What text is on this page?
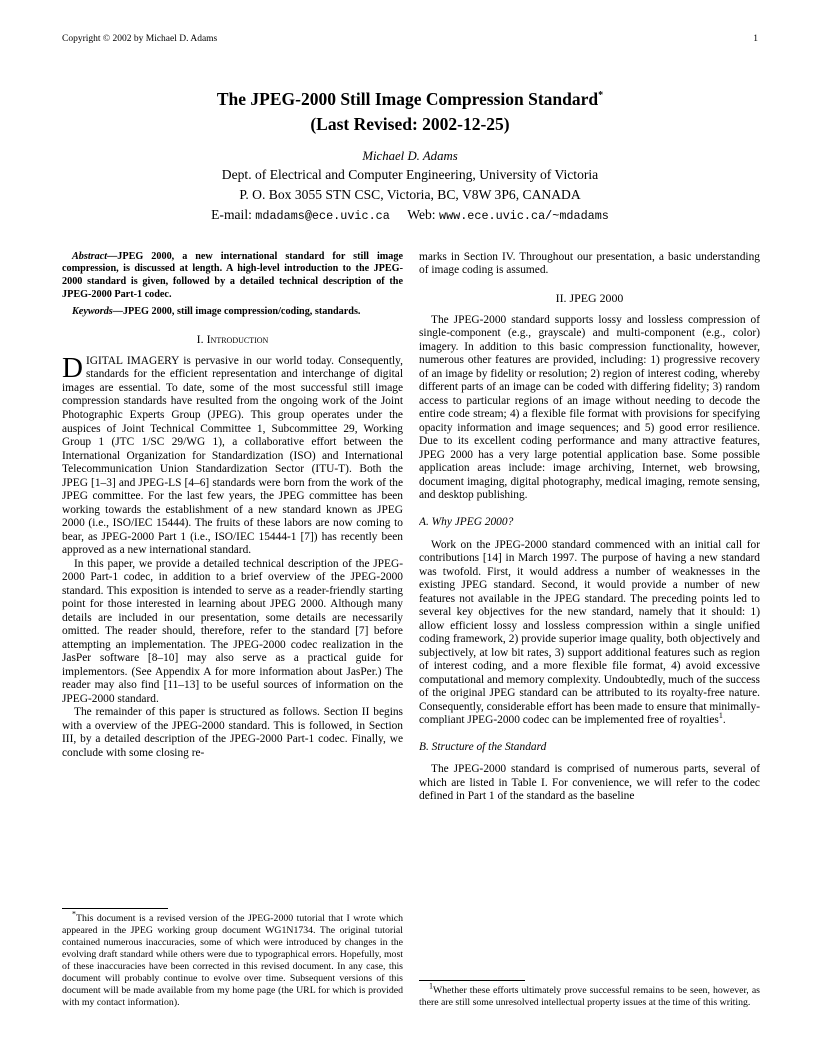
Copyright © 2002 by Michael D. Adams	1
The JPEG-2000 Still Image Compression Standard*
(Last Revised: 2002-12-25)
Michael D. Adams
Dept. of Electrical and Computer Engineering, University of Victoria
P. O. Box 3055 STN CSC, Victoria, BC, V8W 3P6, CANADA
E-mail: mdadams@ece.uvic.ca Web: www.ece.uvic.ca/~mdadams

Abstract—JPEG 2000, a new international standard for still image compression, is discussed at length. A high-level introduction to the JPEG-2000 standard is given, followed by a detailed technical description of the JPEG-2000 Part-1 codec.

Keywords—JPEG 2000, still image compression/coding, standards.

I. Introduction

DIGITAL IMAGERY is pervasive in our world today. Consequently, standards for the efficient representation and interchange of digital images are essential. To date, some of the most successful still image compression standards have resulted from the ongoing work of the Joint Photographic Experts Group (JPEG). This group operates under the auspices of Joint Technical Committee 1, Subcommittee 29, Working Group 1 (JTC 1/SC 29/WG 1), a collaborative effort between the International Organization for Standardization (ISO) and International Telecommunication Union Standardization Sector (ITU-T). Both the JPEG [1–3] and JPEG-LS [4–6] standards were born from the work of the JPEG committee. For the last few years, the JPEG committee has been working towards the establishment of a new standard known as JPEG 2000 (i.e., ISO/IEC 15444). The fruits of these labors are now coming to bear, as JPEG-2000 Part 1 (i.e., ISO/IEC 15444-1 [7]) has recently been approved as a new international standard.

In this paper, we provide a detailed technical description of the JPEG-2000 Part-1 codec, in addition to a brief overview of the JPEG-2000 standard. This exposition is intended to serve as a reader-friendly starting point for those interested in learning about JPEG 2000. Although many details are included in our presentation, some details are necessarily omitted. The reader should, therefore, refer to the standard [7] before attempting an implementation. The JPEG-2000 codec realization in the JasPer software [8–10] may also serve as a practical guide for implementors. (See Appendix A for more information about JasPer.) The reader may also find [11–13] to be useful sources of information on the JPEG-2000 standard.

The remainder of this paper is structured as follows. Section II begins with a overview of the JPEG-2000 standard. This is followed, in Section III, by a detailed description of the JPEG-2000 Part-1 codec. Finally, we conclude with some closing re-

*This document is a revised version of the JPEG-2000 tutorial that I wrote which appeared in the JPEG working group document WG1N1734. The original tutorial contained numerous inaccuracies, some of which were introduced by changes in the evolving draft standard while others were due to typographical errors. Hopefully, most of these inaccuracies have been corrected in this revised document. In any case, this document will probably continue to evolve over time. Subsequent versions of this document will be made available from my home page (the URL for which is provided with my contact information).

marks in Section IV. Throughout our presentation, a basic understanding of image coding is assumed.

II. JPEG 2000

The JPEG-2000 standard supports lossy and lossless compression of single-component (e.g., grayscale) and multi-component (e.g., color) imagery. In addition to this basic compression functionality, however, numerous other features are provided, including: 1) progressive recovery of an image by fidelity or resolution; 2) region of interest coding, whereby different parts of an image can be coded with differing fidelity; 3) random access to particular regions of an image without needing to decode the entire code stream; 4) a flexible file format with provisions for specifying opacity information and image sequences; and 5) good error resilience. Due to its excellent coding performance and many attractive features, JPEG 2000 has a very large potential application base. Some possible application areas include: image archiving, Internet, web browsing, document imaging, digital photography, medical imaging, remote sensing, and desktop publishing.

A. Why JPEG 2000?

Work on the JPEG-2000 standard commenced with an initial call for contributions [14] in March 1997. The purpose of having a new standard was twofold. First, it would address a number of weaknesses in the existing JPEG standard. Second, it would provide a number of new features not available in the JPEG standard. The preceding points led to several key objectives for the new standard, namely that it should: 1) allow efficient lossy and lossless compression within a single unified coding framework, 2) provide superior image quality, both objectively and subjectively, at low bit rates, 3) support additional features such as region of interest coding, and a more flexible file format, 4) avoid excessive computational and memory complexity. Undoubtedly, much of the success of the original JPEG standard can be attributed to its royalty-free nature. Consequently, considerable effort has been made to ensure that minimally-compliant JPEG-2000 codec can be implemented free of royalties$^1$.

B. Structure of the Standard

The JPEG-2000 standard is comprised of numerous parts, several of which are listed in Table I. For convenience, we will refer to the codec defined in Part 1 of the standard as the baseline

$^1$Whether these efforts ultimately prove successful remains to be seen, however, as there are still some unresolved intellectual property issues at the time of this writing.
